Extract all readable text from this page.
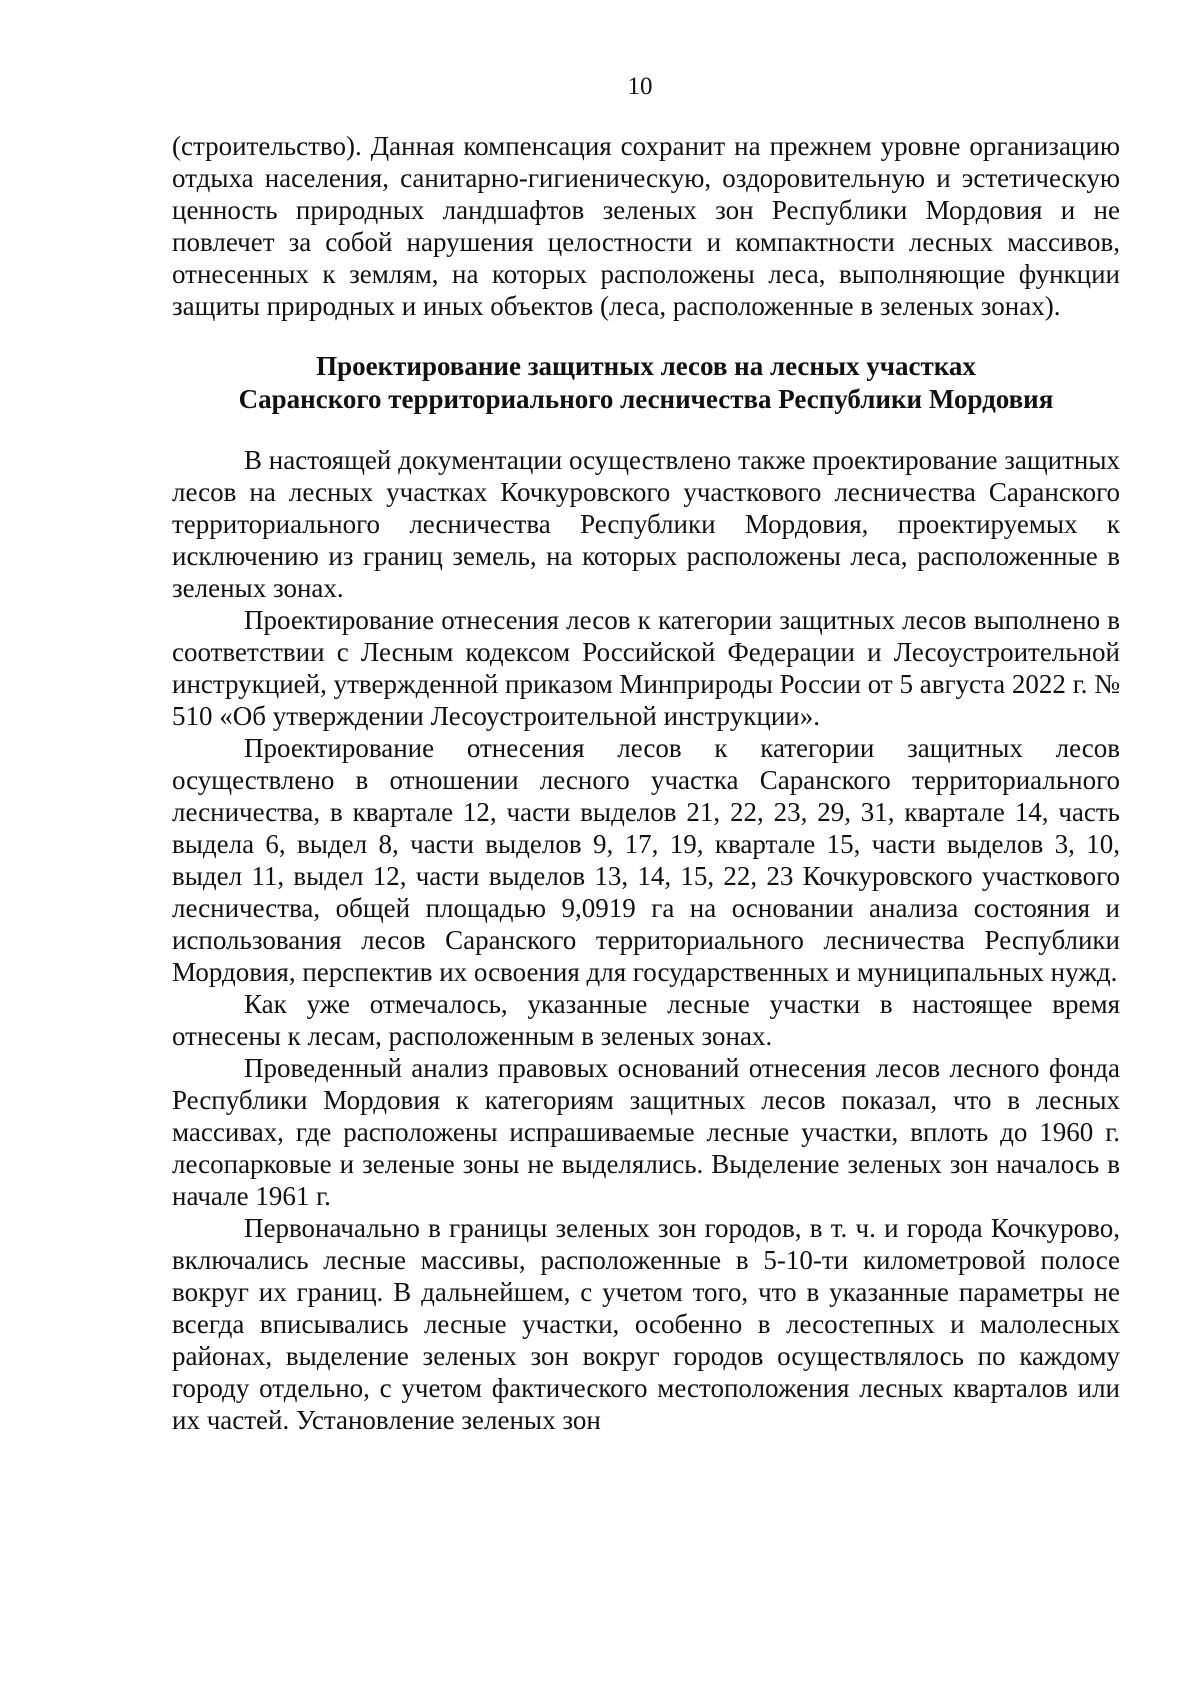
10

(строительство). Данная компенсация сохранит на прежнем уровне организацию отдыха населения, санитарно-гигиеническую, оздоровительную и эстетическую ценность природных ландшафтов зеленых зон Республики Мордовия и не повлечет за собой нарушения целостности и компактности лесных массивов, отнесенных к землям, на которых расположены леса, выполняющие функции защиты природных и иных объектов (леса, расположенные в зеленых зонах).

Проектирование защитных лесов на лесных участках
Саранского территориального лесничества Республики Мордовия

В настоящей документации осуществлено также проектирование защитных лесов на лесных участках Кочкуровского участкового лесничества Саранского территориального лесничества Республики Мордовия, проектируемых к исключению из границ земель, на которых расположены леса, расположенные в зеленых зонах.

Проектирование отнесения лесов к категории защитных лесов выполнено в соответствии с Лесным кодексом Российской Федерации и Лесоустроительной инструкцией, утвержденной приказом Минприроды России от 5 августа 2022 г. № 510 «Об утверждении Лесоустроительной инструкции».

Проектирование отнесения лесов к категории защитных лесов осуществлено в отношении лесного участка Саранского территориального лесничества, в квартале 12, части выделов 21, 22, 23, 29, 31, квартале 14, часть выдела 6, выдел 8, части выделов 9, 17, 19, квартале 15, части выделов 3, 10, выдел 11, выдел 12, части выделов 13, 14, 15, 22, 23 Кочкуровского участкового лесничества, общей площадью 9,0919 га на основании анализа состояния и использования лесов Саранского территориального лесничества Республики Мордовия, перспектив их освоения для государственных и муниципальных нужд.

Как уже отмечалось, указанные лесные участки в настоящее время отнесены к лесам, расположенным в зеленых зонах.

Проведенный анализ правовых оснований отнесения лесов лесного фонда Республики Мордовия к категориям защитных лесов показал, что в лесных массивах, где расположены испрашиваемые лесные участки, вплоть до 1960 г. лесопарковые и зеленые зоны не выделялись. Выделение зеленых зон началось в начале 1961 г.

Первоначально в границы зеленых зон городов, в т. ч. и города Кочкурово, включались лесные массивы, расположенные в 5-10-ти километровой полосе вокруг их границ. В дальнейшем, с учетом того, что в указанные параметры не всегда вписывались лесные участки, особенно в лесостепных и малолесных районах, выделение зеленых зон вокруг городов осуществлялось по каждому городу отдельно, с учетом фактического местоположения лесных кварталов или их частей. Установление зеленых зон
